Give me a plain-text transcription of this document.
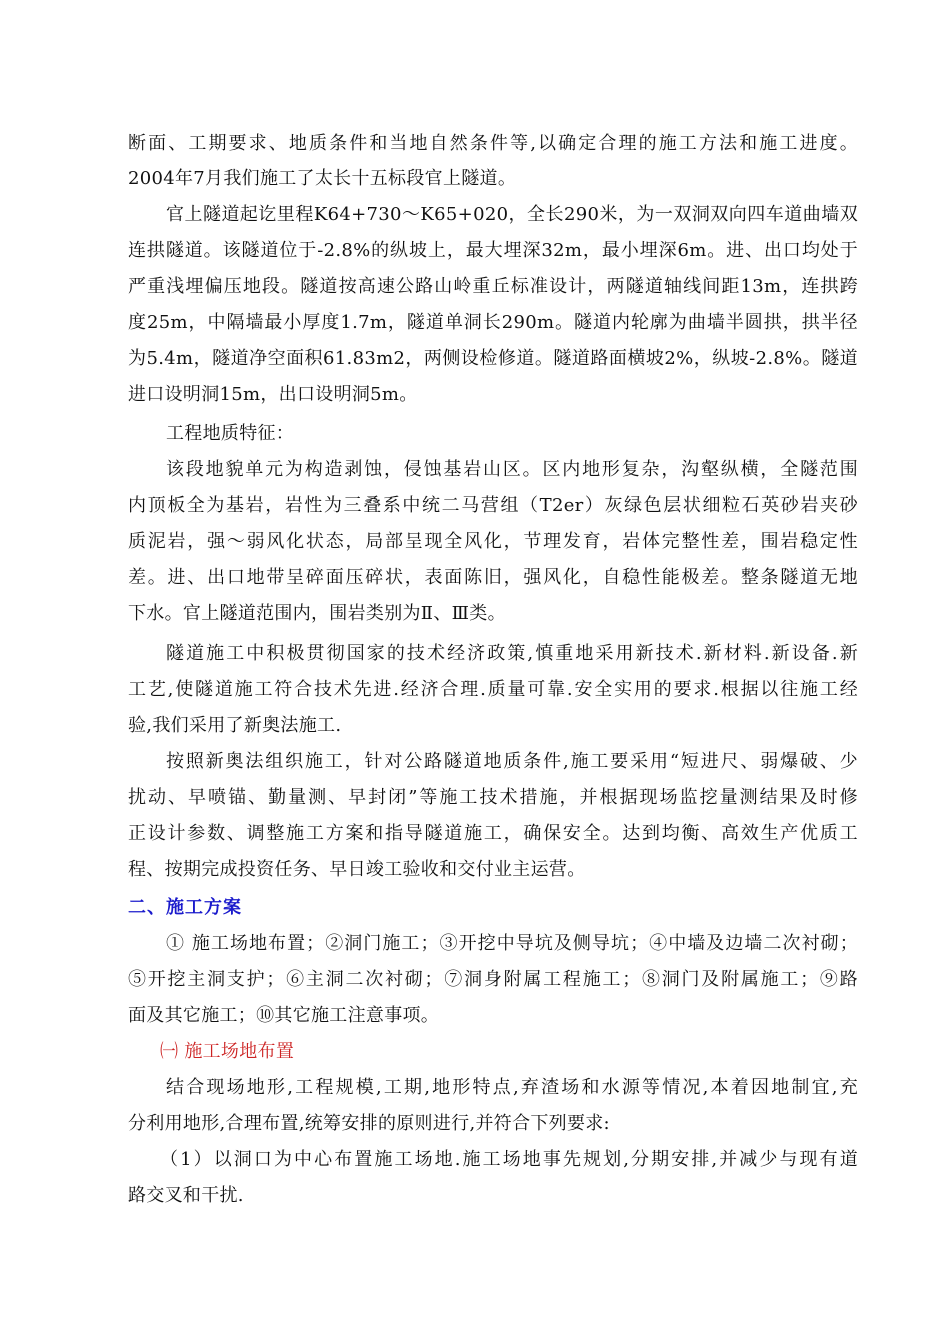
断面、工期要求、地质条件和当地自然条件等,以确定合理的施工方法和施工进度。
2004年7月我们施工了太长十五标段官上隧道。
官上隧道起讫里程K64+730～K65+020，全长290米，为一双洞双向四车道曲墙双
连拱隧道。该隧道位于-2.8%的纵坡上，最大埋深32m，最小埋深6m。进、出口均处于
严重浅埋偏压地段。隧道按高速公路山岭重丘标准设计，两隧道轴线间距13m，连拱跨
度25m，中隔墙最小厚度1.7m，隧道单洞长290m。隧道内轮廓为曲墙半圆拱，拱半径
为5.4m，隧道净空面积61.83m2，两侧设检修道。隧道路面横坡2%，纵坡-2.8%。隧道
进口设明洞15m，出口设明洞5m。
工程地质特征：
该段地貌单元为构造剥蚀，侵蚀基岩山区。区内地形复杂，沟壑纵横，全隧范围
内顶板全为基岩，岩性为三叠系中统二马营组（T2er）灰绿色层状细粒石英砂岩夹砂
质泥岩，强～弱风化状态，局部呈现全风化，节理发育，岩体完整性差，围岩稳定性
差。进、出口地带呈碎面压碎状，表面陈旧，强风化，自稳性能极差。整条隧道无地
下水。官上隧道范围内，围岩类别为Ⅱ、Ⅲ类。
隧道施工中积极贯彻国家的技术经济政策,慎重地采用新技术.新材料.新设备.新
工艺,使隧道施工符合技术先进.经济合理.质量可靠.安全实用的要求.根据以往施工经
验,我们采用了新奥法施工.
按照新奥法组织施工，针对公路隧道地质条件,施工要采用“短进尺、弱爆破、少
扰动、早喷锚、勤量测、早封闭”等施工技术措施，并根据现场监挖量测结果及时修
正设计参数、调整施工方案和指导隧道施工，确保安全。达到均衡、高效生产优质工
程、按期完成投资任务、早日竣工验收和交付业主运营。
二、施工方案
① 施工场地布置；②洞门施工；③开挖中导坑及侧导坑；④中墙及边墙二次衬砌；
⑤开挖主洞支护；⑥主洞二次衬砌；⑦洞身附属工程施工；⑧洞门及附属施工；⑨路
面及其它施工；⑩其它施工注意事项。
㈠ 施工场地布置
结合现场地形,工程规模,工期,地形特点,弃渣场和水源等情况,本着因地制宜,充
分利用地形,合理布置,统筹安排的原则进行,并符合下列要求:
（1）以洞口为中心布置施工场地.施工场地事先规划,分期安排,并减少与现有道
路交叉和干扰.
